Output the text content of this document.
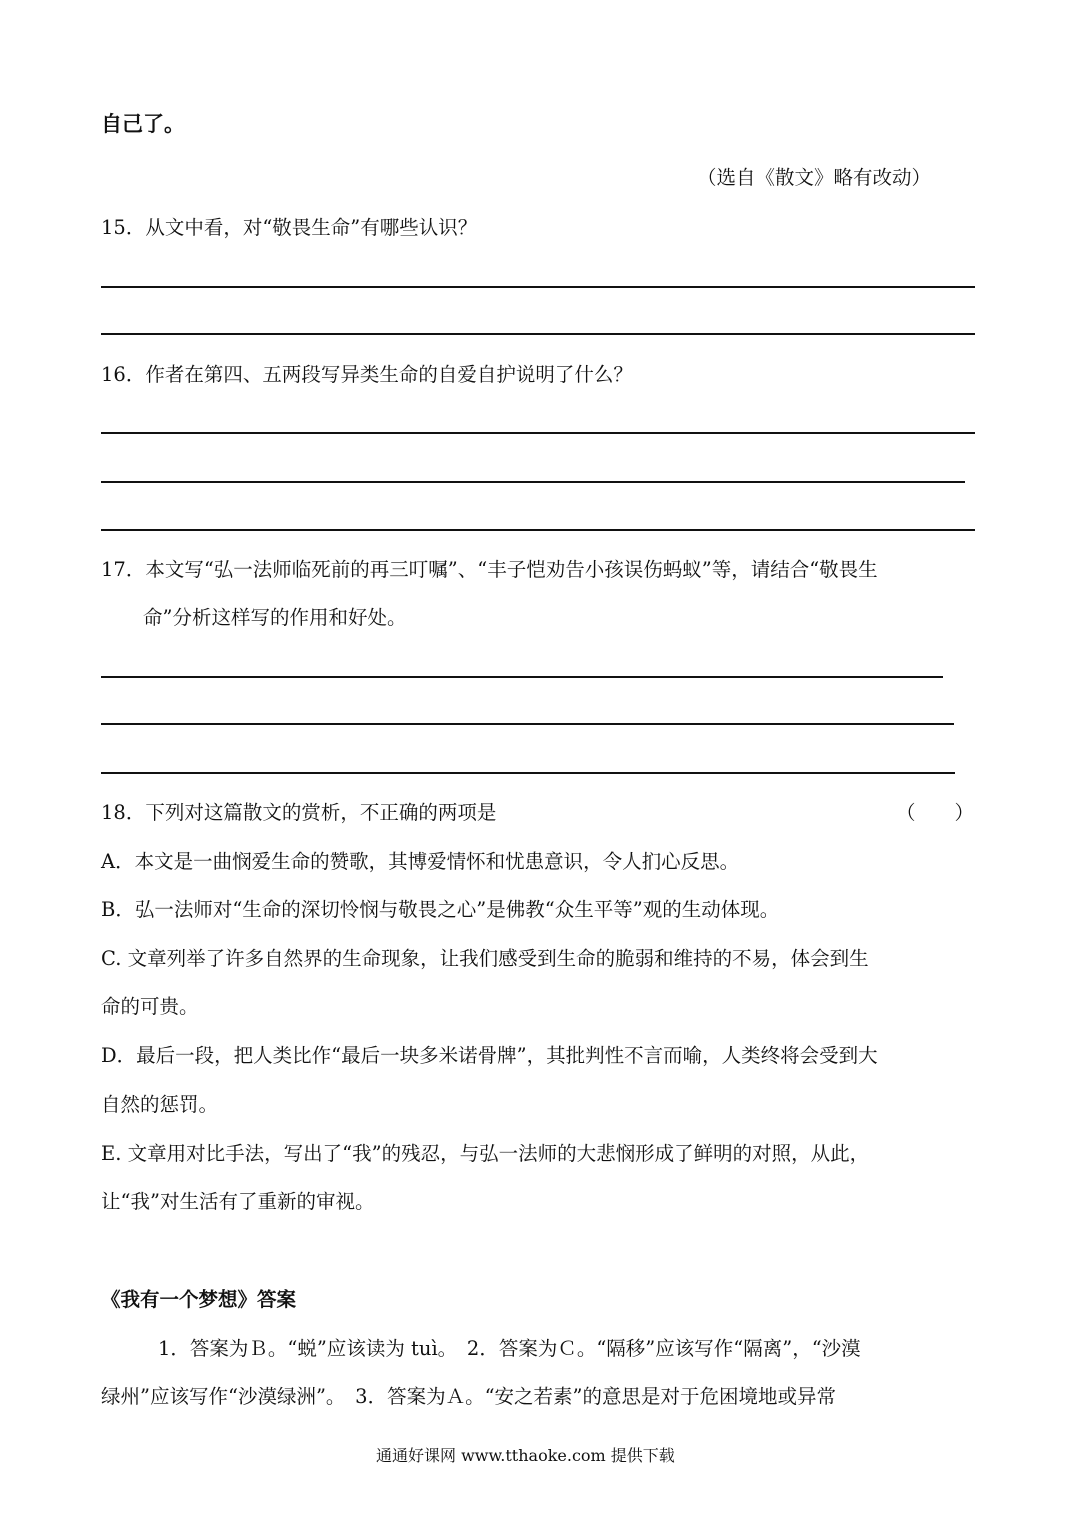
自己了。
（选自《散文》略有改动）
15．从文中看，对“敬畏生命”有哪些认识？
16．作者在第四、五两段写异类生命的自爱自护说明了什么？
17．本文写“弘一法师临死前的再三叮嘱”、“丰子恺劝告小孩误伤蚂蚁”等，请结合“敬畏生
命”分析这样写的作用和好处。
18．下列对这篇散文的赏析，不正确的两项是	（　　）
A．本文是一曲悯爱生命的赞歌，其博爱情怀和忧患意识，令人扪心反思。
B．弘一法师对“生命的深切怜悯与敬畏之心”是佛教“众生平等”观的生动体现。
C. 文章列举了许多自然界的生命现象，让我们感受到生命的脆弱和维持的不易，体会到生
命的可贵。
D．最后一段，把人类比作“最后一块多米诺骨牌”，其批判性不言而喻，人类终将会受到大
自然的惩罚。
E. 文章用对比手法，写出了“我”的残忍，与弘一法师的大悲悯形成了鲜明的对照，从此，
让“我”对生活有了重新的审视。
《我有一个梦想》答案
1．答案为Ｂ。“蜕”应该读为 tuì。　2．答案为Ｃ。“隔移”应该写作“隔离”，“沙漠
绿州”应该写作“沙漠绿洲”。　3．答案为Ａ。“安之若素”的意思是对于危困境地或异常
通通好课网 www.tthaoke.com 提供下载
